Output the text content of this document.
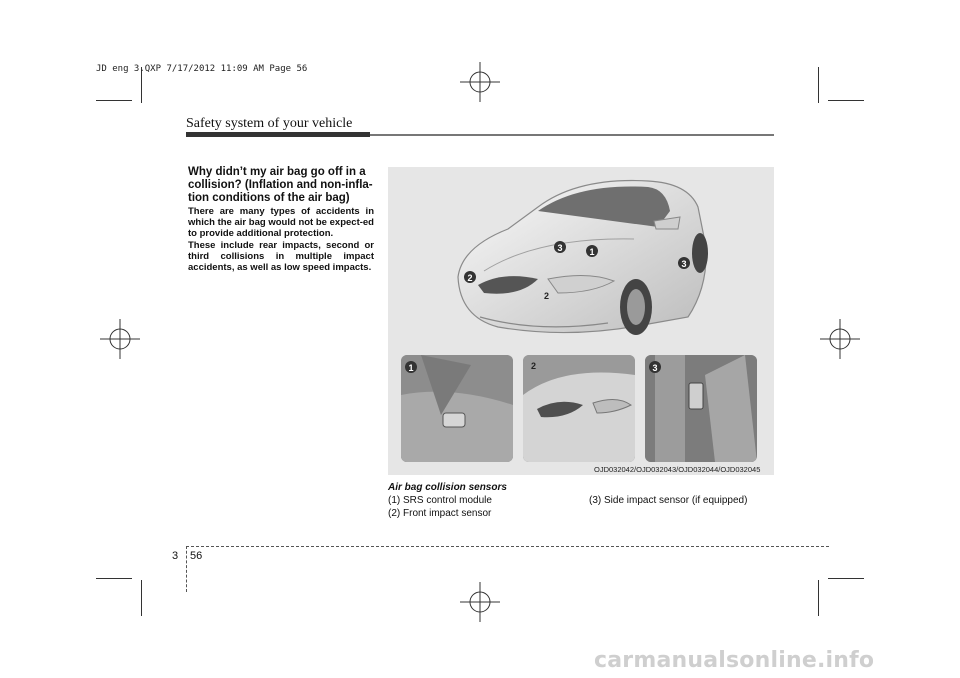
JD eng 3.QXP 7/17/2012 11:09 AM Page 56
Safety system of your vehicle
Why didn’t my air bag go off in a collision? (Inflation and non-infla-tion conditions of the air bag)
There are many types of accidents in which the air bag would not be expect-ed to provide additional protection.
These include rear impacts, second or third collisions in multiple impact accidents, as well as low speed impacts.
3	1
2
2
3
1	2	3
OJD032042/OJD032043/OJD032044/OJD032045
Air bag collision sensors
(1) SRS control module
(2) Front impact sensor
(3) Side impact sensor (if equipped)
3 56
carmanualsonline.info
